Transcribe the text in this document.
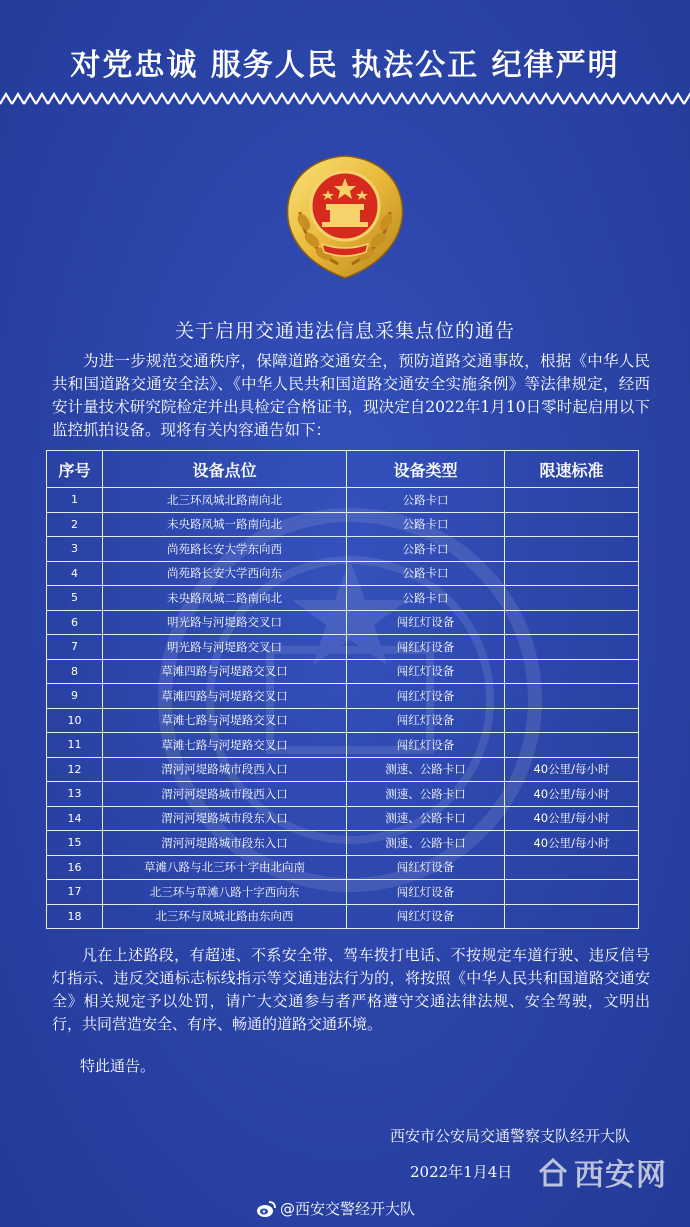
对党忠诚 服务人民 执法公正 纪律严明
关于启用交通违法信息采集点位的通告
为进一步规范交通秩序，保障道路交通安全，预防道路交通事故，根据《中华人民共和国道路交通安全法》、《中华人民共和国道路交通安全实施条例》等法律规定，经西安计量技术研究院检定并出具检定合格证书，现决定自2022年1月10日零时起启用以下监控抓拍设备。现将有关内容通告如下：
序号	设备点位	设备类型	限速标准
1	北三环凤城北路南向北	公路卡口	
2	未央路凤城一路南向北	公路卡口	
3	尚苑路长安大学东向西	公路卡口	
4	尚苑路长安大学西向东	公路卡口	
5	未央路凤城二路南向北	公路卡口	
6	明光路与河堤路交叉口	闯红灯设备	
7	明光路与河堤路交叉口	闯红灯设备	
8	草滩四路与河堤路交叉口	闯红灯设备	
9	草滩四路与河堤路交叉口	闯红灯设备	
10	草滩七路与河堤路交叉口	闯红灯设备	
11	草滩七路与河堤路交叉口	闯红灯设备	
12	渭河河堤路城市段西入口	测速、公路卡口	40公里/每小时
13	渭河河堤路城市段西入口	测速、公路卡口	40公里/每小时
14	渭河河堤路城市段东入口	测速、公路卡口	40公里/每小时
15	渭河河堤路城市段东入口	测速、公路卡口	40公里/每小时
16	草滩八路与北三环十字由北向南	闯红灯设备	
17	北三环与草滩八路十字西向东	闯红灯设备	
18	北三环与凤城北路由东向西	闯红灯设备	
凡在上述路段，有超速、不系安全带、驾车拨打电话、不按规定车道行驶、违反信号灯指示、违反交通标志标线指示等交通违法行为的，将按照《中华人民共和国道路交通安全》相关规定予以处罚，请广大交通参与者严格遵守交通法律法规、安全驾驶，文明出行，共同营造安全、有序、畅通的道路交通环境。
特此通告。
西安市公安局交通警察支队经开大队
2022年1月4日 西安网
@西安交警经开大队
